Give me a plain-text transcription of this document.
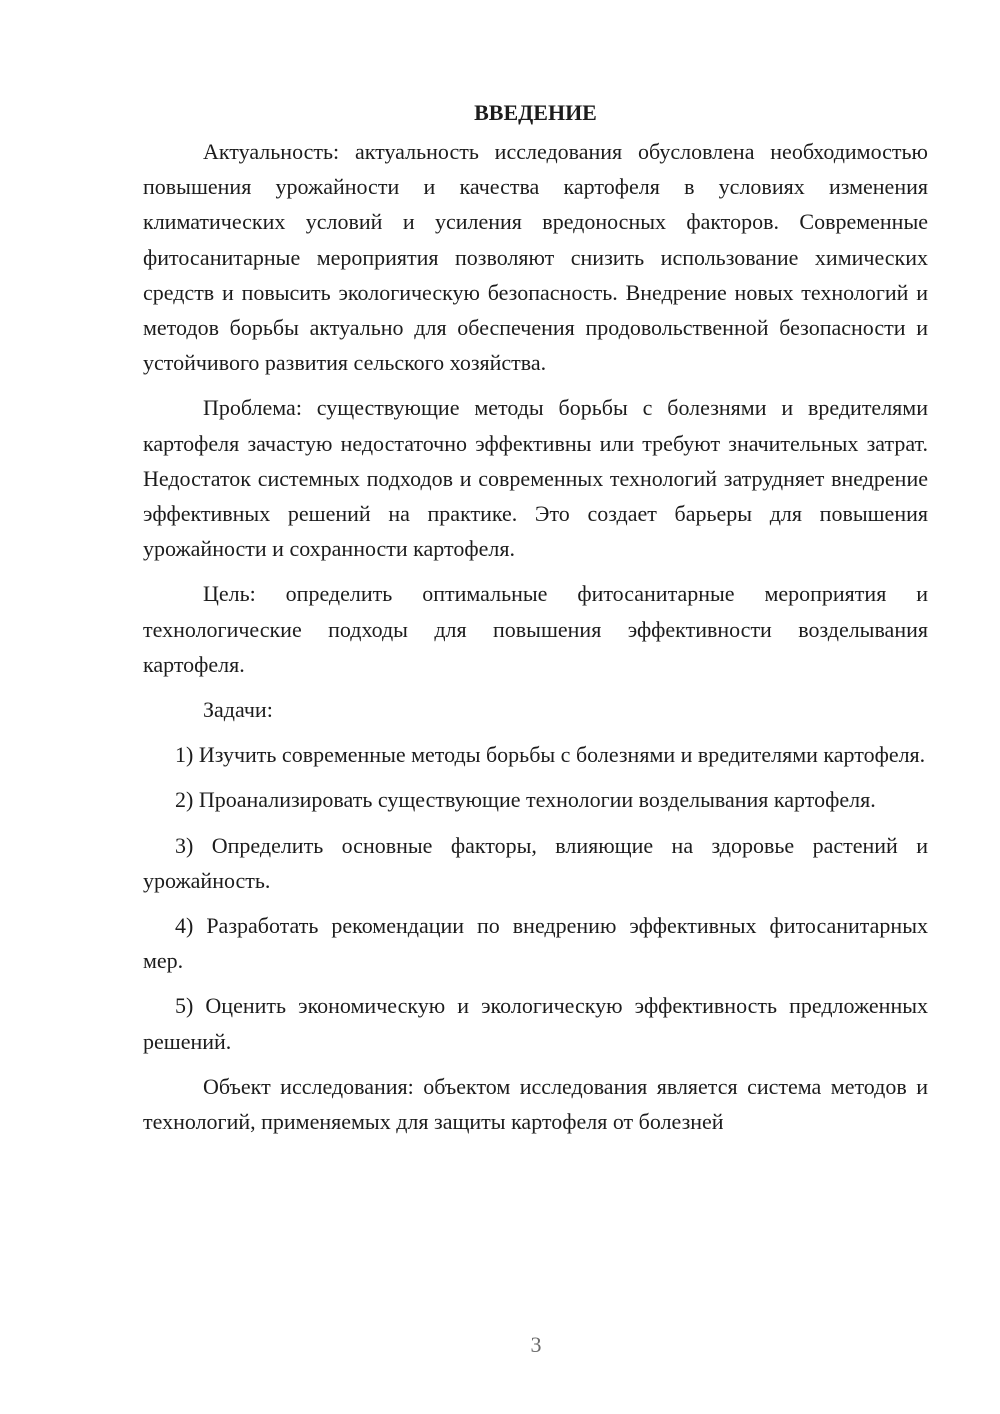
ВВЕДЕНИЕ

Актуальность: актуальность исследования обусловлена необходимостью повышения урожайности и качества картофеля в условиях изменения климатических условий и усиления вредоносных факторов. Современные фитосанитарные мероприятия позволяют снизить использование химических средств и повысить экологическую безопасность. Внедрение новых технологий и методов борьбы актуально для обеспечения продовольственной безопасности и устойчивого развития сельского хозяйства.

Проблема: существующие методы борьбы с болезнями и вредителями картофеля зачастую недостаточно эффективны или требуют значительных затрат. Недостаток системных подходов и современных технологий затрудняет внедрение эффективных решений на практике. Это создает барьеры для повышения урожайности и сохранности картофеля.

Цель: определить оптимальные фитосанитарные мероприятия и технологические подходы для повышения эффективности возделывания картофеля.

Задачи:

1) Изучить современные методы борьбы с болезнями и вредителями картофеля.

2) Проанализировать существующие технологии возделывания картофеля.

3) Определить основные факторы, влияющие на здоровье растений и урожайность.

4) Разработать рекомендации по внедрению эффективных фитосанитарных мер.

5) Оценить экономическую и экологическую эффективность предложенных решений.

Объект исследования: объектом исследования является система методов и технологий, применяемых для защиты картофеля от болезней

3
